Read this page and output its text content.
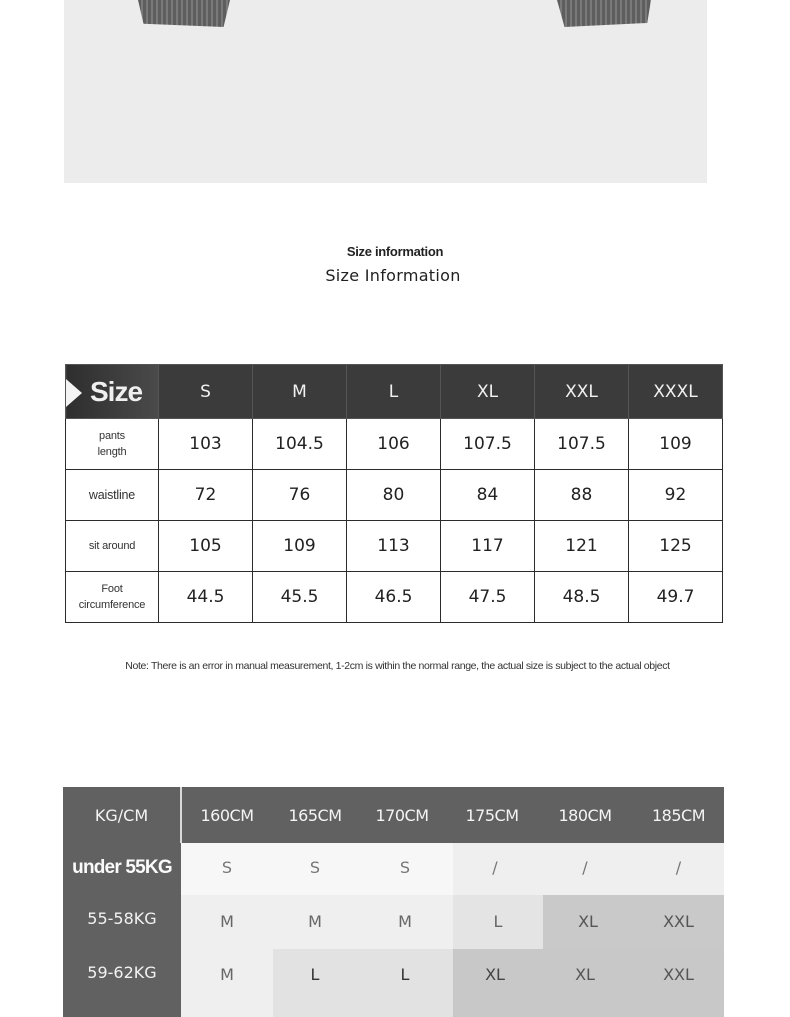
Size information
Size Information
Size	S	M	L	XL	XXL	XXXL
pants
length	103	104.5	106	107.5	107.5	109
waistline	72	76	80	84	88	92
sit around	105	109	113	117	121	125
Foot
circumference	44.5	45.5	46.5	47.5	48.5	49.7
Note: There is an error in manual measurement, 1-2cm is within the normal range, the actual size is subject to the actual object
KG/CM	160CM	165CM	170CM	175CM	180CM	185CM
under 55KG	S	S	S	/	/	/
55-58KG	M	M	M	L	XL	XXL
59-62KG	M	L	L	XL	XL	XXL
